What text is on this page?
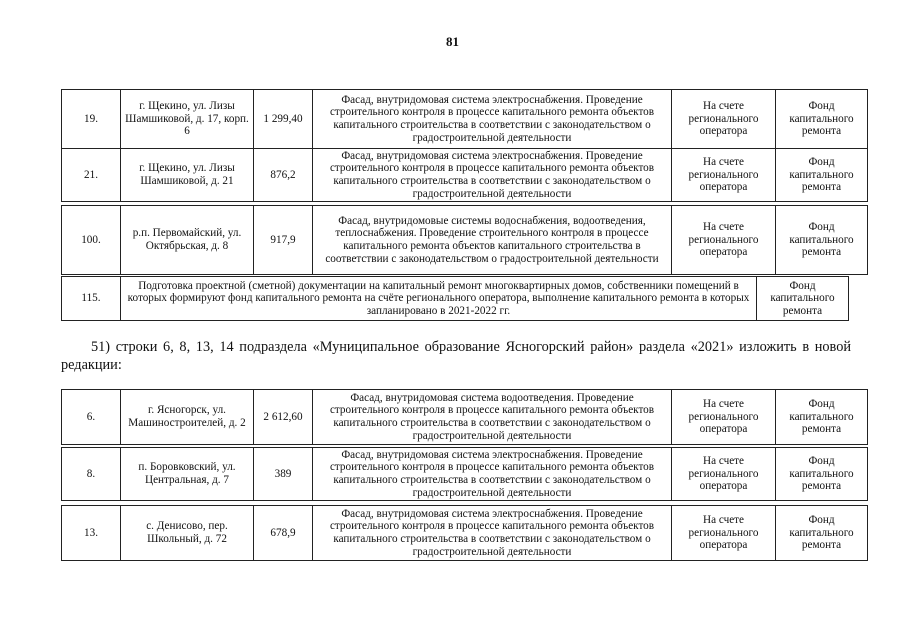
81
19.	г. Щекино, ул. Лизы Шамшиковой, д. 17, корп. 6	1 299,40	Фасад, внутридомовая система электроснабжения. Проведение строительного контроля в процессе капитального ремонта объектов капитального строительства в соответствии с законодательством о градостроительной деятельности	На счете регионального оператора	Фонд капитального ремонта
21.	г. Щекино, ул. Лизы Шамшиковой, д. 21	876,2	Фасад, внутридомовая система электроснабжения. Проведение строительного контроля в процессе капитального ремонта объектов капитального строительства в соответствии с законодательством о градостроительной деятельности	На счете регионального оператора	Фонд капитального ремонта
100.	р.п. Первомайский, ул. Октябрьская, д. 8	917,9	Фасад, внутридомовые системы водоснабжения, водоотведения, теплоснабжения. Проведение строительного контроля в процессе капитального ремонта объектов капитального строительства в соответствии с законодательством о градостроительной деятельности	На счете регионального оператора	Фонд капитального ремонта
115.	Подготовка проектной (сметной) документации на капитальный ремонт многоквартирных домов, собственники помещений в которых формируют фонд капитального ремонта на счёте регионального оператора, выполнение капитального ремонта в которых запланировано в 2021-2022 гг.	Фонд капитального ремонта
51) строки 6, 8, 13, 14 подраздела «Муниципальное образование Ясногорский район» раздела «2021» изложить в новой редакции:
6.	г. Ясногорск, ул. Машиностроителей, д. 2	2 612,60	Фасад, внутридомовая система водоотведения. Проведение строительного контроля в процессе капитального ремонта объектов капитального строительства в соответствии с законодательством о градостроительной деятельности	На счете регионального оператора	Фонд капитального ремонта
8.	п. Боровковский, ул. Центральная, д. 7	389	Фасад, внутридомовая система электроснабжения. Проведение строительного контроля в процессе капитального ремонта объектов капитального строительства в соответствии с законодательством о градостроительной деятельности	На счете регионального оператора	Фонд капитального ремонта
13.	с. Денисово, пер. Школьный, д. 72	678,9	Фасад, внутридомовая система электроснабжения. Проведение строительного контроля в процессе капитального ремонта объектов капитального строительства в соответствии с законодательством о градостроительной деятельности	На счете регионального оператора	Фонд капитального ремонта
